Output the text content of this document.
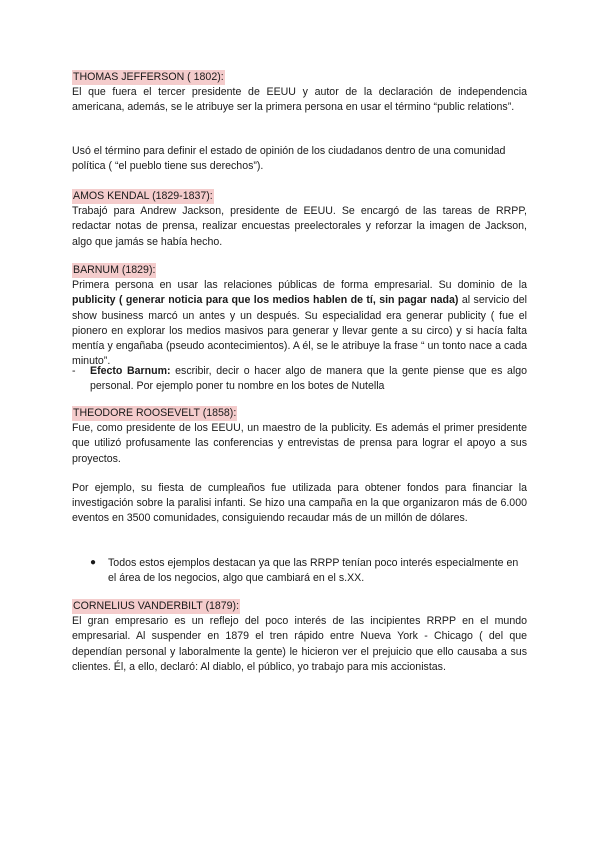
THOMAS JEFFERSON ( 1802):

El que fuera el tercer presidente de EEUU y autor de la declaración de independencia americana, además, se le atribuye ser la primera persona en usar el término “public relations”.

Usó el término para definir el estado de opinión de los ciudadanos dentro de una comunidad política ( “el pueblo tiene sus derechos”).

AMOS KENDAL (1829-1837):

Trabajó para Andrew Jackson, presidente de EEUU. Se encargó de las tareas de RRPP, redactar notas de prensa, realizar encuestas preelectorales y reforzar la imagen de Jackson, algo que jamás se había hecho.

BARNUM (1829):

Primera persona en usar las relaciones públicas de forma empresarial. Su dominio de la publicity ( generar noticia para que los medios hablen de tí, sin pagar nada) al servicio del show business marcó un antes y un después. Su especialidad era generar publicity ( fue el pionero en explorar los medios masivos para generar y llevar gente a su circo) y si hacía falta mentía y engañaba (pseudo acontecimientos). A él, se le atribuye la frase “ un tonto nace a cada minuto”.

- Efecto Barnum: escribir, decir o hacer algo de manera que la gente piense que es algo personal. Por ejemplo poner tu nombre en los botes de Nutella

THEODORE ROOSEVELT (1858):

Fue, como presidente de los EEUU, un maestro de la publicity. Es además el primer presidente que utilizó profusamente las conferencias y entrevistas de prensa para lograr el apoyo a sus proyectos.

Por ejemplo, su fiesta de cumpleaños fue utilizada para obtener fondos para financiar la investigación sobre la paralisi infanti. Se hizo una campaña en la que organizaron más de 6.000 eventos en 3500 comunidades, consiguiendo recaudar más de un millón de dólares.

● Todos estos ejemplos destacan ya que las RRPP tenían poco interés especialmente en el área de los negocios, algo que cambiará en el s.XX.

CORNELIUS VANDERBILT (1879):

El gran empresario es un reflejo del poco interés de las incipientes RRPP en el mundo empresarial. Al suspender en 1879 el tren rápido entre Nueva York - Chicago ( del que dependían personal y laboralmente la gente) le hicieron ver el prejuicio que ello causaba a sus clientes. Él, a ello, declaró: Al diablo, el público, yo trabajo para mis accionistas.
